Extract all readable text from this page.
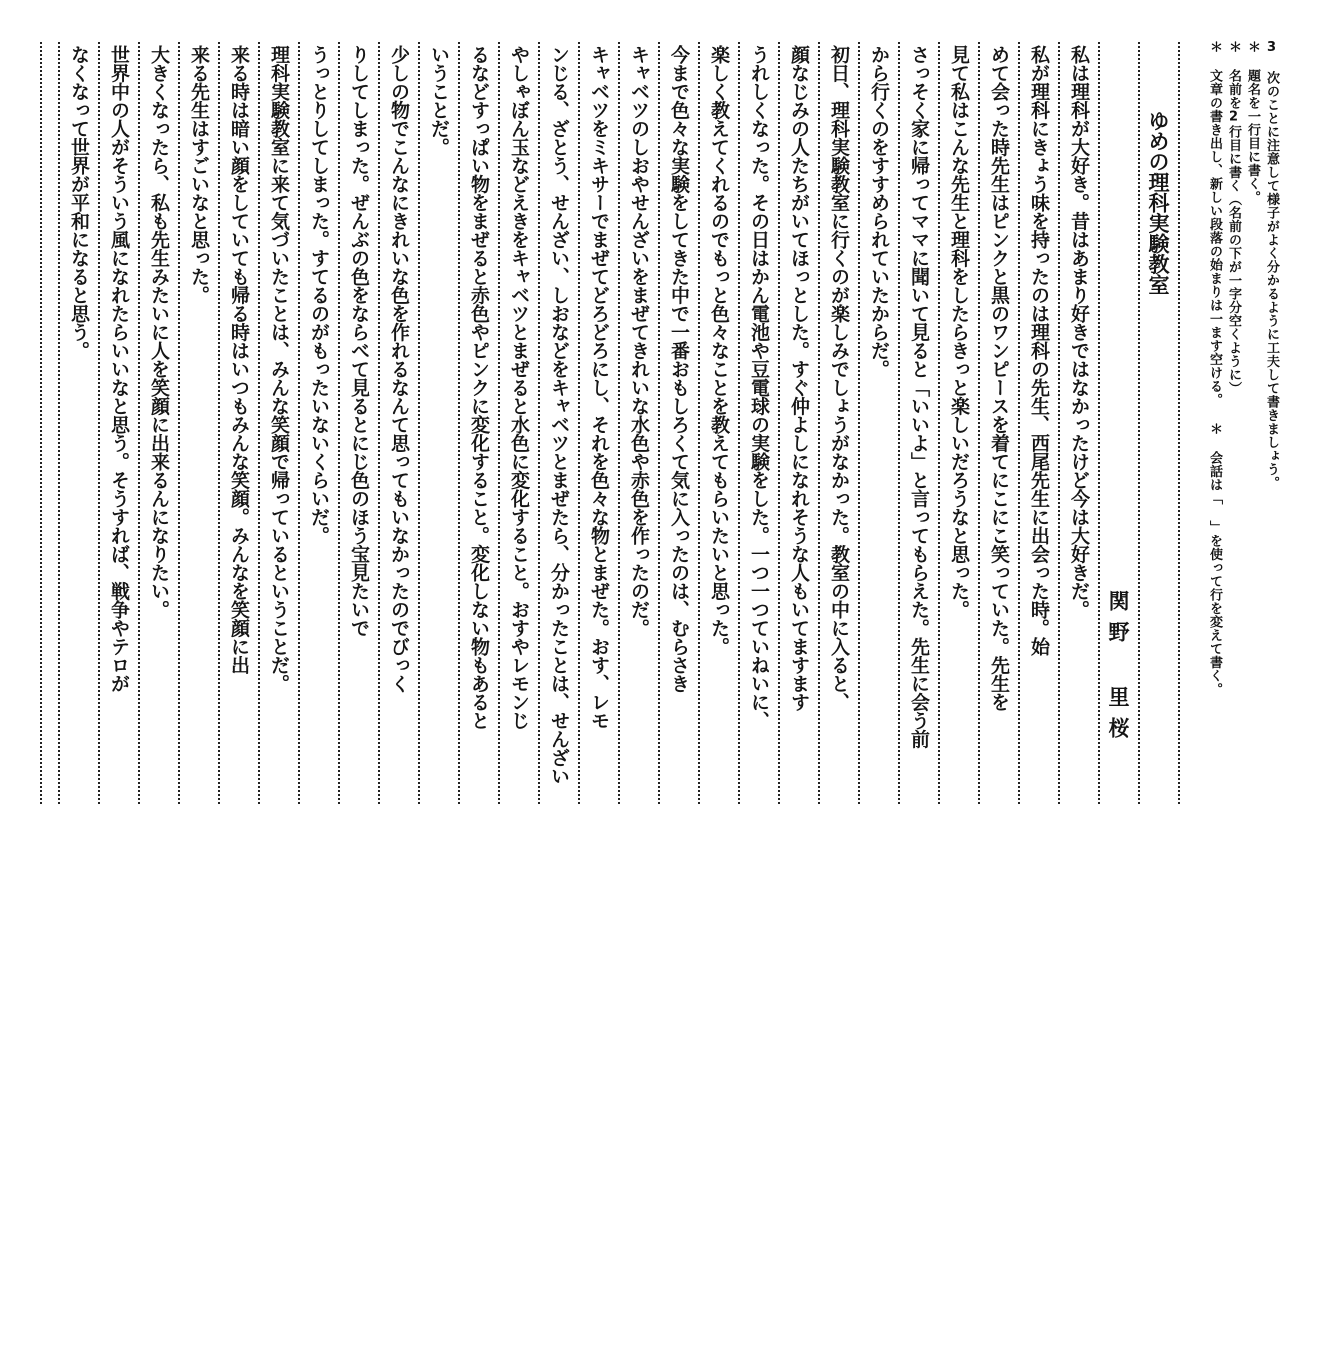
3 次のことに注意して様子がよく分かるように工夫して書きましょう。
＊ 題名を一行目に書く。
＊ 名前を2行目に書く（名前の下が一字分空くように）
＊ 文章の書き出し、新しい段落の始まりは一ます空ける。 ＊ 会話は「 」を使って行を変えて書く。
ゆめの理科実験教室
関野 里桜
私は理科が大好き。昔はあまり好きではなかったけど今は大好きだ。
私が理科にきょう味を持ったのは理科の先生、西尾先生に出会った時。始
めて会った時先生はピンクと黒のワンピースを着てにこにこ笑っていた。先生を
見て私はこんな先生と理科をしたらきっと楽しいだろうなと思った。
さっそく家に帰ってママに聞いて見ると「いいよ」と言ってもらえた。先生に会う前
から行くのをすすめられていたからだ。
初日、理科実験教室に行くのが楽しみでしょうがなかった。教室の中に入ると、
顔なじみの人たちがいてほっとした。すぐ仲よしになれそうな人もいてますます
うれしくなった。その日はかん電池や豆電球の実験をした。一つ一つていねいに、
楽しく教えてくれるのでもっと色々なことを教えてもらいたいと思った。
今まで色々な実験をしてきた中で一番おもしろくて気に入ったのは、むらさき
キャベツのしおやせんざいをまぜてきれいな水色や赤色を作ったのだ。
キャベツをミキサーでまぜてどろどろにし、それを色々な物とまぜた。おす、レモ
ンじる、ざとう、せんざい、しおなどをキャベツとまぜたら、分かったことは、せんざい
やしゃぼん玉などえきをキャベツとまぜると水色に変化すること。おすやレモンじ
るなどすっぱい物をまぜると赤色やピンクに変化すること。変化しない物もあると
いうことだ。
少しの物でこんなにきれいな色を作れるなんて思ってもいなかったのでびっく
りしてしまった。ぜんぶの色をならべて見るとにじ色のほう宝見たいで
うっとりしてしまった。すてるのがもったいないくらいだ。
理科実験教室に来て気づいたことは、みんな笑顔で帰っているということだ。
来る時は暗い顔をしていても帰る時はいつもみんな笑顔。みんなを笑顔に出
来る先生はすごいなと思った。
大きくなったら、私も先生みたいに人を笑顔に出来るんになりたい。
世界中の人がそういう風になれたらいいなと思う。そうすれば、戦争やテロが
なくなって世界が平和になると思う。
